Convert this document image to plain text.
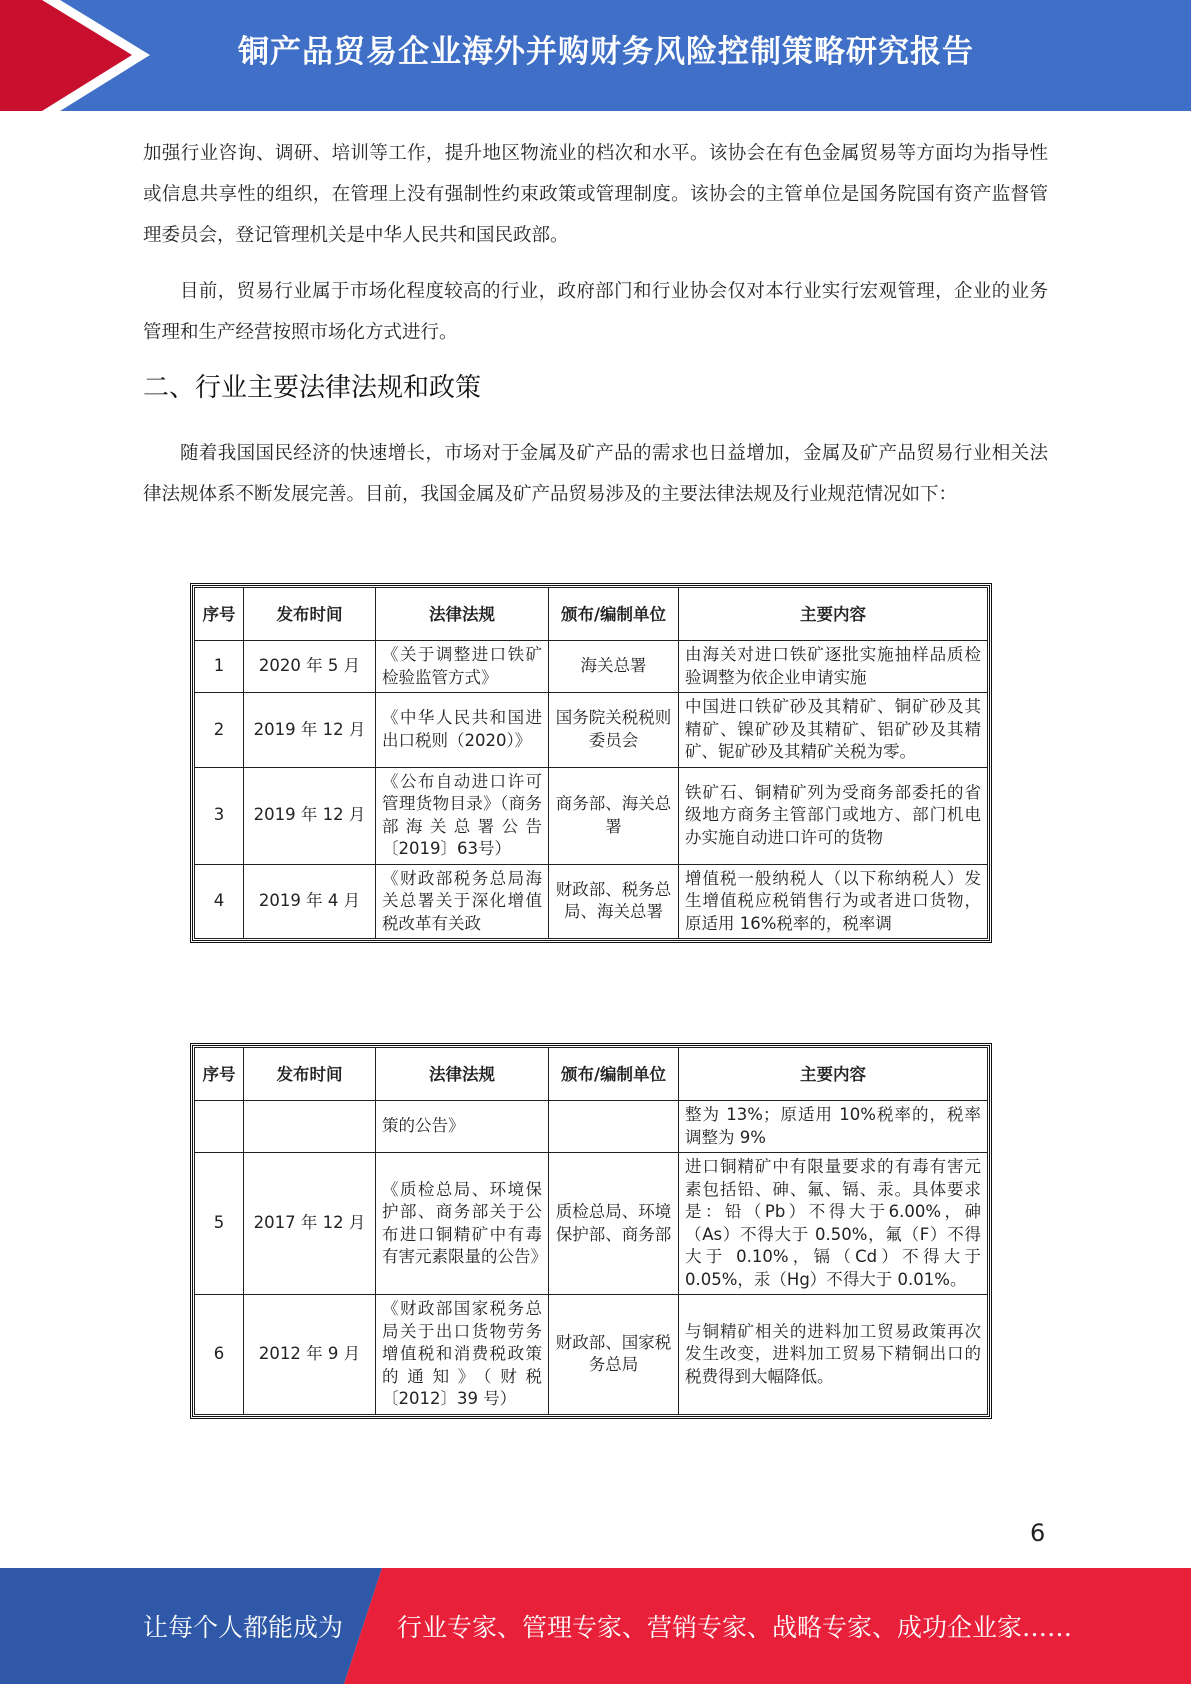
铜产品贸易企业海外并购财务风险控制策略研究报告

加强行业咨询、调研、培训等工作，提升地区物流业的档次和水平。该协会在有色金属贸易等方面均为指导性或信息共享性的组织，在管理上没有强制性约束政策或管理制度。该协会的主管单位是国务院国有资产监督管理委员会，登记管理机关是中华人民共和国民政部。

目前，贸易行业属于市场化程度较高的行业，政府部门和行业协会仅对本行业实行宏观管理，企业的业务管理和生产经营按照市场化方式进行。

二、行业主要法律法规和政策

随着我国国民经济的快速增长，市场对于金属及矿产品的需求也日益增加，金属及矿产品贸易行业相关法律法规体系不断发展完善。目前，我国金属及矿产品贸易涉及的主要法律法规及行业规范情况如下：

序号	发布时间	法律法规	颁布/编制单位	主要内容
1	2020 年 5 月	《关于调整进口铁矿检验监管方式》	海关总署	由海关对进口铁矿逐批实施抽样品质检验调整为依企业申请实施
2	2019 年 12 月	《中华人民共和国进出口税则（2020）》	国务院关税税则委员会	中国进口铁矿砂及其精矿、铜矿砂及其精矿、镍矿砂及其精矿、铝矿砂及其精矿、铌矿砂及其精矿关税为零。
3	2019 年 12 月	《公布自动进口许可管理货物目录》（商务部海关总署公告〔2019〕63号）	商务部、海关总署	铁矿石、铜精矿列为受商务部委托的省级地方商务主管部门或地方、部门机电办实施自动进口许可的货物
4	2019 年 4 月	《财政部税务总局海关总署关于深化增值税改革有关政	财政部、税务总局、海关总署	增值税一般纳税人（以下称纳税人）发生增值税应税销售行为或者进口货物，原适用 16%税率的，税率调
序号	发布时间	法律法规	颁布/编制单位	主要内容
		策的公告》		整为 13%；原适用 10%税率的，税率调整为 9%
5	2017 年 12 月	《质检总局、环境保护部、商务部关于公布进口铜精矿中有毒有害元素限量的公告》	质检总局、环境保护部、商务部	进口铜精矿中有限量要求的有毒有害元素包括铅、砷、氟、镉、汞。具体要求是：铅（Pb）不得大于6.00%，砷（As）不得大于 0.50%，氟（F）不得大于 0.10%，镉（Cd）不得大于 0.05%，汞（Hg）不得大于 0.01%。
6	2012 年 9 月	《财政部国家税务总局关于出口货物劳务增值税和消费税政策的通知》（财税〔2012〕39 号）	财政部、国家税务总局	与铜精矿相关的进料加工贸易政策再次发生改变，进料加工贸易下精铜出口的税费得到大幅降低。
6
让每个人都能成为 行业专家、管理专家、营销专家、战略专家、成功企业家……
